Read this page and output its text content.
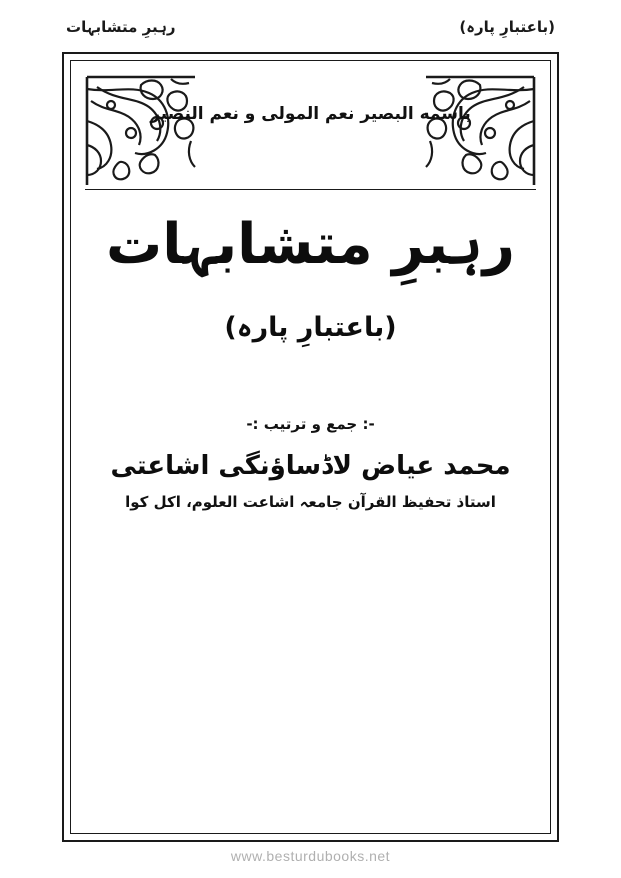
رہبرِ متشابہات	(باعتبارِ پارہ)
باسمه البصير نعم المولى و نعم النصير
رہبرِ متشابہات
(باعتبارِ پارہ)
-: جمع و ترتیب :-
محمد عیاض لاڈساؤنگی اشاعتی
استاذ تحفیظ القرآن جامعہ اشاعت العلوم، اکل کوا
www.besturdubooks.net
